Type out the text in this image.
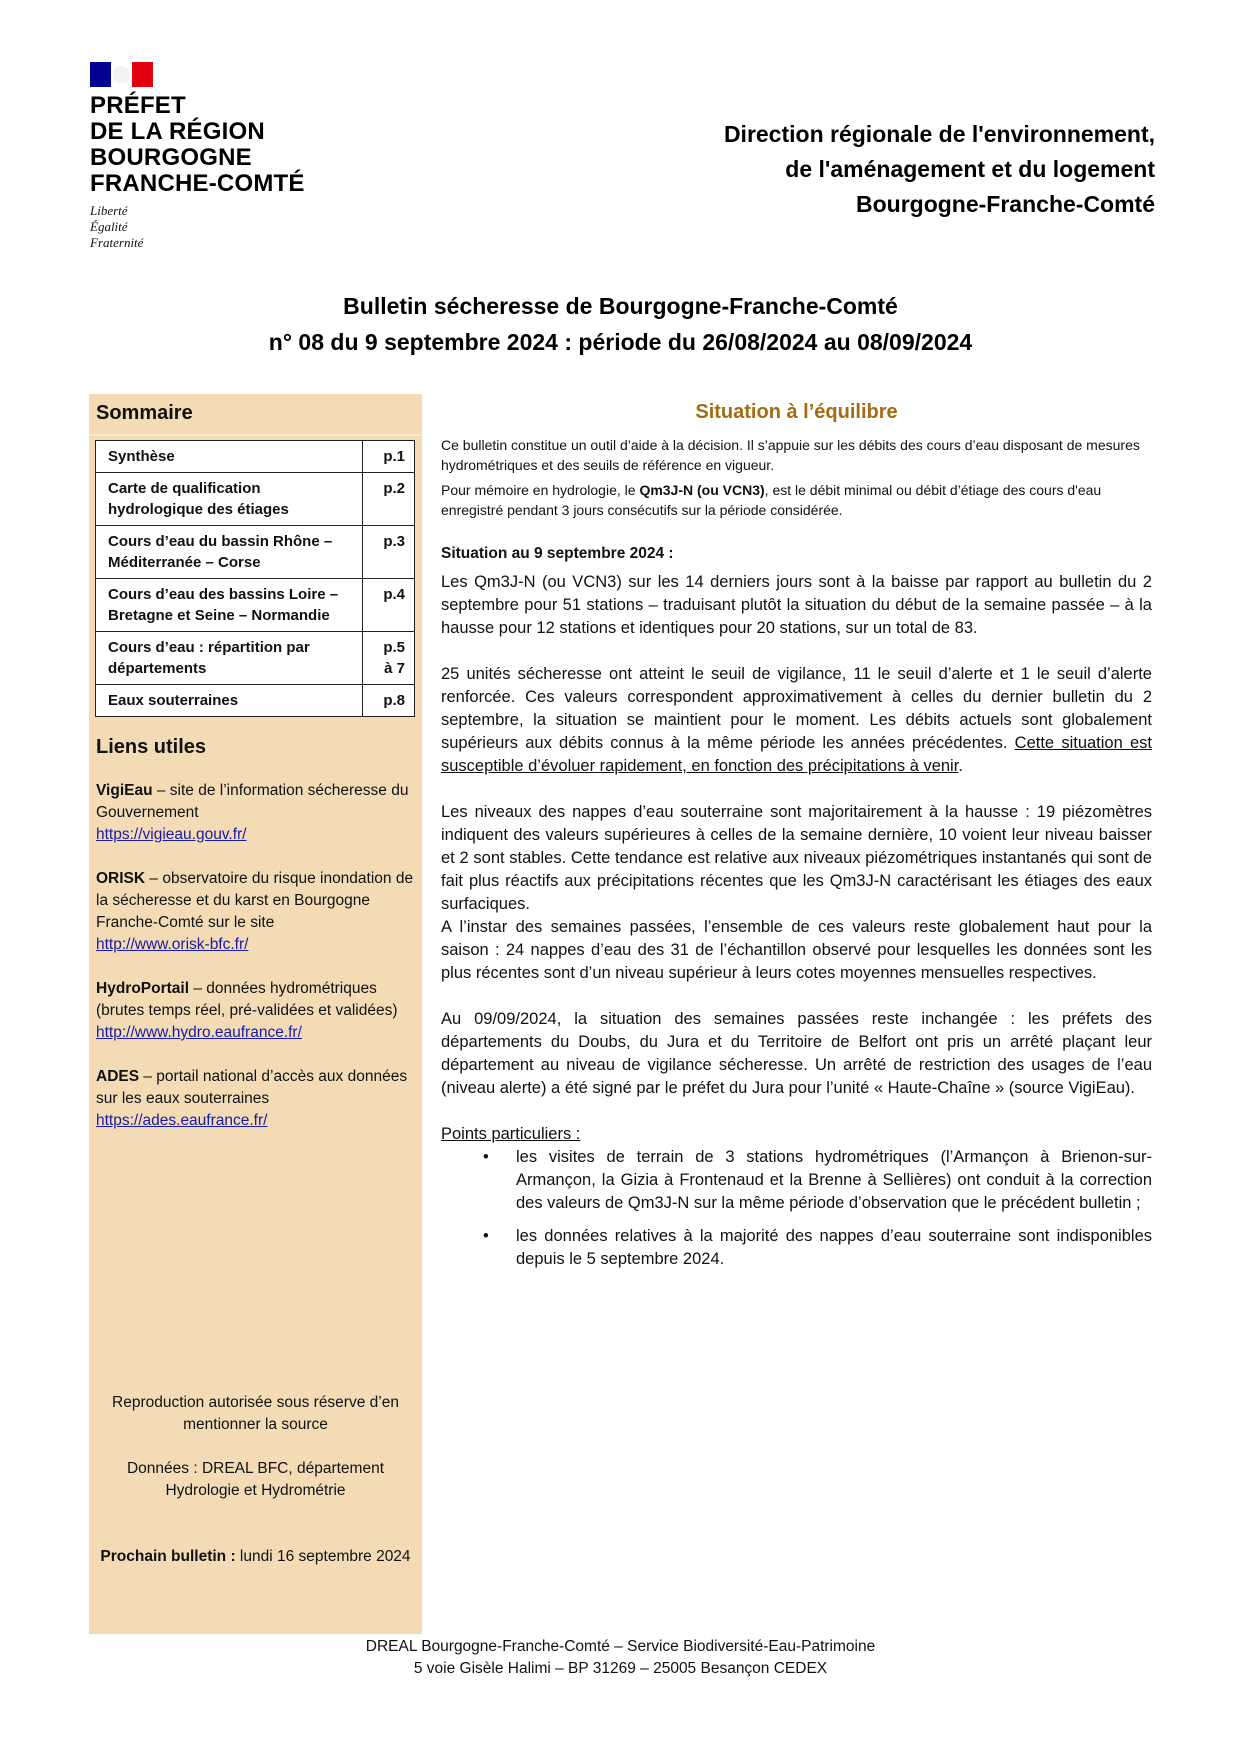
PRÉFET
DE LA RÉGION
BOURGOGNE
FRANCHE-COMTÉ
Liberté
Égalité
Fraternité
Direction régionale de l'environnement,
de l'aménagement et du logement
Bourgogne-Franche-Comté
Bulletin sécheresse de Bourgogne-Franche-Comté
n° 08 du 9 septembre 2024 : période du 26/08/2024 au 08/09/2024
Sommaire
Synthèse	p.1
Carte de qualification hydrologique des étiages	p.2
Cours d’eau du bassin Rhône – Méditerranée – Corse	p.3
Cours d’eau des bassins Loire – Bretagne et Seine – Normandie	p.4
Cours d’eau : répartition par départements	p.5 à 7
Eaux souterraines	p.8
Liens utiles
VigiEau – site de l’information sécheresse du Gouvernement
https://vigieau.gouv.fr/
ORISK – observatoire du risque inondation de la sécheresse et du karst en Bourgogne Franche-Comté sur le site
http://www.orisk-bfc.fr/
HydroPortail – données hydrométriques (brutes temps réel, pré-validées et validées)
http://www.hydro.eaufrance.fr/
ADES – portail national d’accès aux données sur les eaux souterraines
https://ades.eaufrance.fr/

Reproduction autorisée sous réserve d’en mentionner la source

Données : DREAL BFC, département Hydrologie et Hydrométrie

Prochain bulletin : lundi 16 septembre 2024

Situation à l’équilibre

Ce bulletin constitue un outil d’aide à la décision. Il s’appuie sur les débits des cours d’eau disposant de mesures hydrométriques et des seuils de référence en vigueur.

Pour mémoire en hydrologie, le Qm3J-N (ou VCN3), est le débit minimal ou débit d’étiage des cours d'eau enregistré pendant 3 jours consécutifs sur la période considérée.

Situation au 9 septembre 2024 :

Les Qm3J-N (ou VCN3) sur les 14 derniers jours sont à la baisse par rapport au bulletin du 2 septembre pour 51 stations – traduisant plutôt la situation du début de la semaine passée – à la hausse pour 12 stations et identiques pour 20 stations, sur un total de 83.

25 unités sécheresse ont atteint le seuil de vigilance, 11 le seuil d’alerte et 1 le seuil d’alerte renforcée. Ces valeurs correspondent approximativement à celles du dernier bulletin du 2 septembre, la situation se maintient pour le moment. Les débits actuels sont globalement supérieurs aux débits connus à la même période les années précédentes. Cette situation est susceptible d’évoluer rapidement, en fonction des précipitations à venir.

Les niveaux des nappes d’eau souterraine sont majoritairement à la hausse : 19 piézomètres indiquent des valeurs supérieures à celles de la semaine dernière, 10 voient leur niveau baisser et 2 sont stables. Cette tendance est relative aux niveaux piézométriques instantanés qui sont de fait plus réactifs aux précipitations récentes que les Qm3J-N caractérisant les étiages des eaux surfaciques.

A l’instar des semaines passées, l’ensemble de ces valeurs reste globalement haut pour la saison : 24 nappes d’eau des 31 de l’échantillon observé pour lesquelles les données sont les plus récentes sont d’un niveau supérieur à leurs cotes moyennes mensuelles respectives.

Au 09/09/2024, la situation des semaines passées reste inchangée : les préfets des départements du Doubs, du Jura et du Territoire de Belfort ont pris un arrêté plaçant leur département au niveau de vigilance sécheresse. Un arrêté de restriction des usages de l’eau (niveau alerte) a été signé par le préfet du Jura pour l’unité « Haute-Chaîne » (source VigiEau).

Points particuliers :
• les visites de terrain de 3 stations hydrométriques (l’Armançon à Brienon-sur-Armançon, la Gizia à Frontenaud et la Brenne à Sellières) ont conduit à la correction des valeurs de Qm3J-N sur la même période d’observation que le précédent bulletin ;
• les données relatives à la majorité des nappes d’eau souterraine sont indisponibles depuis le 5 septembre 2024.
DREAL Bourgogne-Franche-Comté – Service Biodiversité-Eau-Patrimoine
5 voie Gisèle Halimi – BP 31269 – 25005 Besançon CEDEX
